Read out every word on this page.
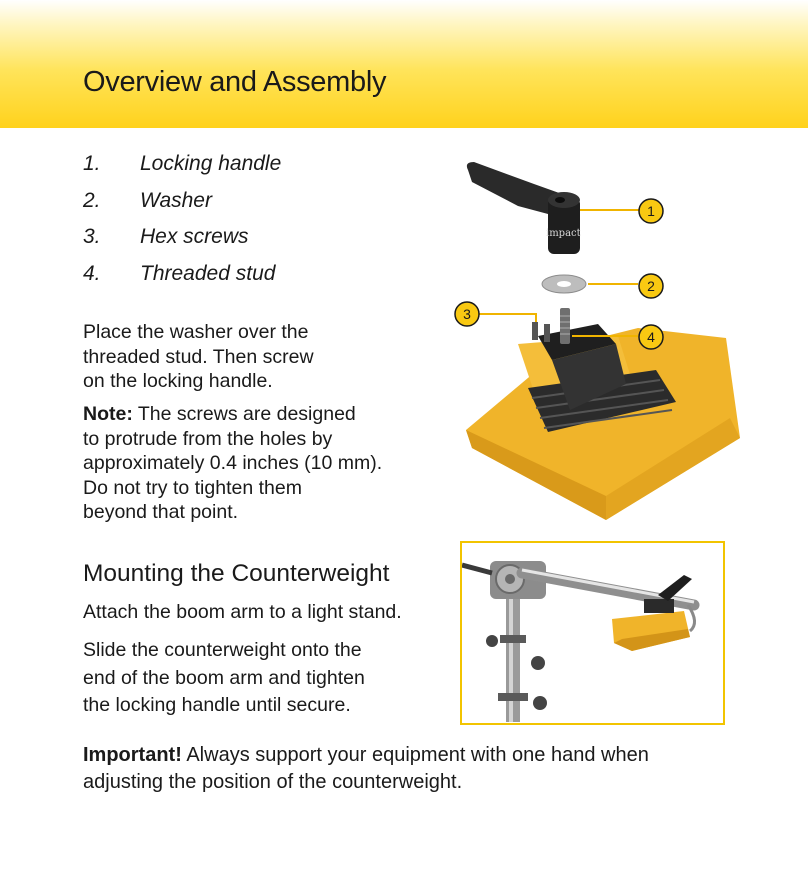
Overview and Assembly
1. Locking handle
2. Washer
3. Hex screws
4. Threaded stud

Place the washer over the
threaded stud. Then screw
on the locking handle.

Note: The screws are designed
to protrude from the holes by
approximately 0.4 inches (10 mm).
Do not try to tighten them
beyond that point.

Mounting the Counterweight

Attach the boom arm to a light stand.

Slide the counterweight onto the
end of the boom arm and tighten
the locking handle until secure.

Important! Always support your equipment with one hand when
adjusting the position of the counterweight.

impact
1
2
3
4
